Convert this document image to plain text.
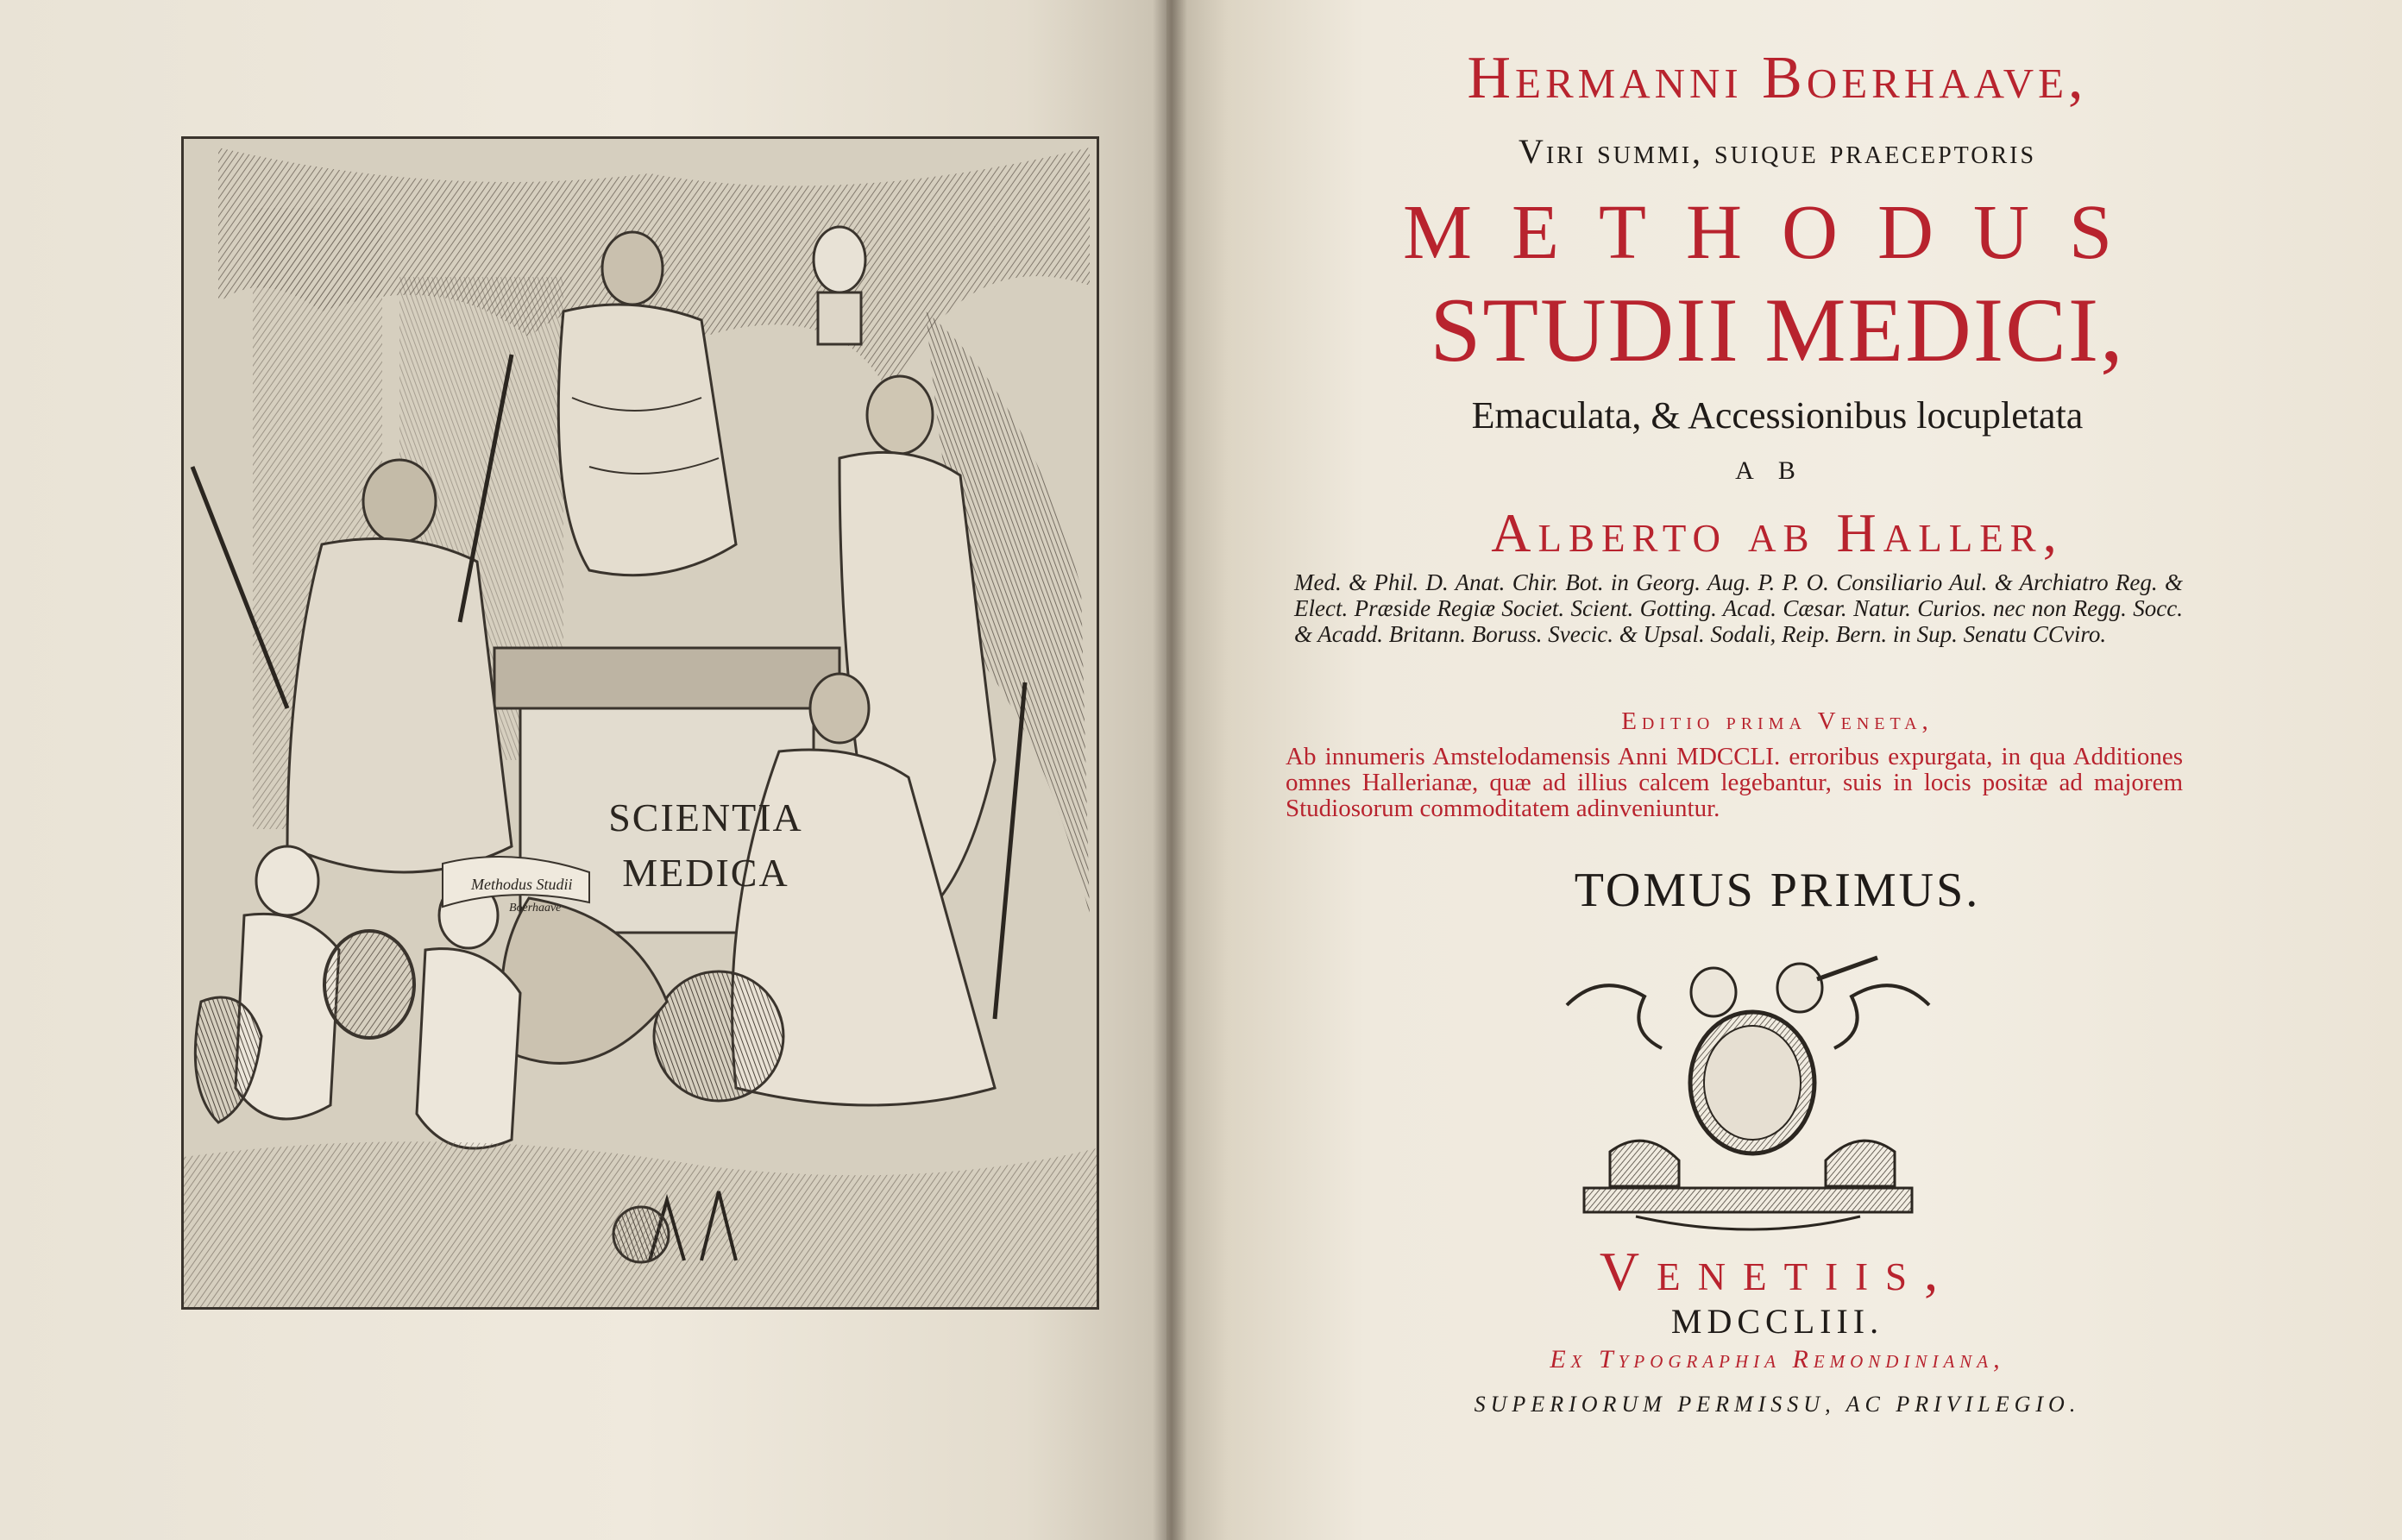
SCIENTIA
MEDICA
Methodus Studii
Boerhaave

Hermanni Boerhaave,
Viri summi, suique praeceptoris
METHODUS
STUDII MEDICI,
Emaculata, & Accessionibus locupletata
AB
Alberto ab Haller,
Med. & Phil. D. Anat. Chir. Bot. in Georg. Aug. P. P. O. Consiliario Aul. & Archiatro Reg. & Elect. Præside Regiæ Societ. Scient. Gotting. Acad. Cæsar. Natur. Curios. nec non Regg. Socc. & Acadd. Britann. Boruss. Svecic. & Upsal. Sodali, Reip. Bern. in Sup. Senatu CCviro.
Editio prima Veneta,
Ab innumeris Amstelodamensis Anni MDCCLI. erroribus expurgata, in qua Additiones omnes Hallerianæ, quæ ad illius calcem legebantur, suis in locis positæ ad majorem Studiosorum commoditatem adinveniuntur.
TOMUS PRIMUS.
Venetiis,
MDCCLIII.
Ex Typographia Remondiniana,
SUPERIORUM PERMISSU, AC PRIVILEGIO.
